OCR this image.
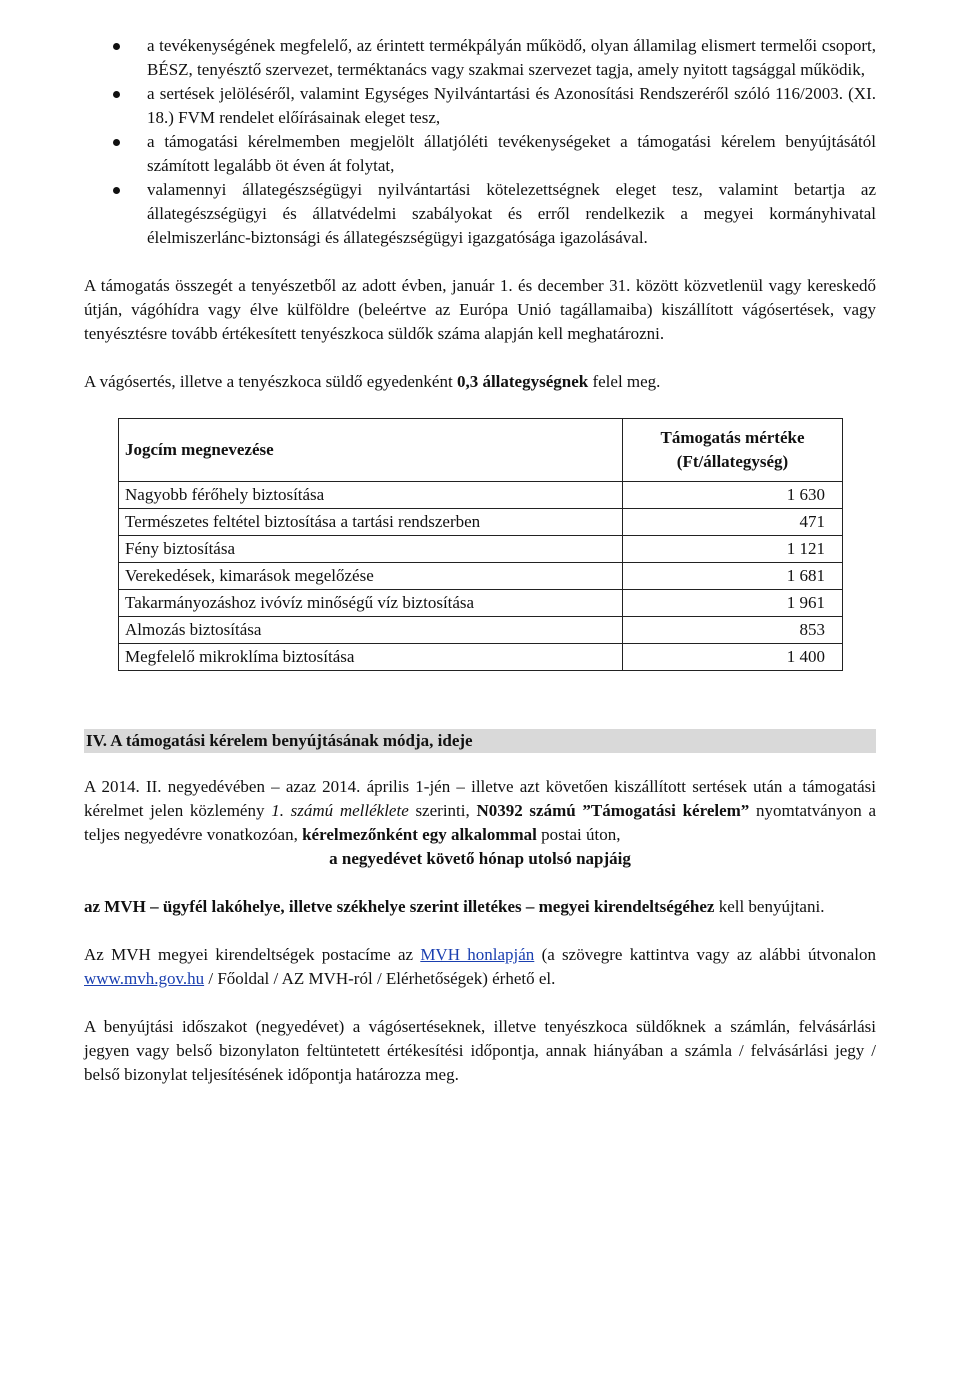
a tevékenységének megfelelő, az érintett termékpályán működő, olyan államilag elismert termelői csoport, BÉSZ, tenyésztő szervezet, terméktanács vagy szakmai szervezet tagja, amely nyitott tagsággal működik,
a sertések jelöléséről, valamint Egységes Nyilvántartási és Azonosítási Rendszeréről szóló 116/2003. (XI. 18.) FVM rendelet előírásainak eleget tesz,
a támogatási kérelmemben megjelölt állatjóléti tevékenységeket a támogatási kérelem benyújtásától számított legalább öt éven át folytat,
valamennyi állategészségügyi nyilvántartási kötelezettségnek eleget tesz, valamint betartja az állategészségügyi és állatvédelmi szabályokat és erről rendelkezik a megyei kormányhivatal élelmiszerlánc-biztonsági és állategészségügyi igazgatósága igazolásával.

A támogatás összegét a tenyészetből az adott évben, január 1. és december 31. között közvetlenül vagy kereskedő útján, vágóhídra vagy élve külföldre (beleértve az Európa Unió tagállamaiba) kiszállított vágósertések, vagy tenyésztésre tovább értékesített tenyészkoca süldők száma alapján kell meghatározni.

A vágósertés, illetve a tenyészkoca süldő egyedenként 0,3 állategységnek felel meg.

Jogcím megnevezése	Támogatás mértéke
(Ft/állategység)
Nagyobb férőhely biztosítása	1 630
Természetes feltétel biztosítása a tartási rendszerben	471
Fény biztosítása	1 121
Verekedések, kimarások megelőzése	1 681
Takarmányozáshoz ivóvíz minőségű víz biztosítása	1 961
Almozás biztosítása	853
Megfelelő mikroklíma biztosítása	1 400
IV. A támogatási kérelem benyújtásának módja, ideje

A 2014. II. negyedévében – azaz 2014. április 1-jén – illetve azt követően kiszállított sertések után a támogatási kérelmet jelen közlemény 1. számú melléklete szerinti, N0392 számú ”Támogatási kérelem” nyomtatványon a teljes negyedévre vonatkozóan, kérelmezőnként egy alkalommal postai úton,

a negyedévet követő hónap utolsó napjáig

az MVH – ügyfél lakóhelye, illetve székhelye szerint illetékes – megyei kirendeltségéhez kell benyújtani.

Az MVH megyei kirendeltségek postacíme az MVH honlapján (a szövegre kattintva vagy az alábbi útvonalon www.mvh.gov.hu / Főoldal / AZ MVH-ról / Elérhetőségek) érhető el.

A benyújtási időszakot (negyedévet) a vágósertéseknek, illetve tenyészkoca süldőknek a számlán, felvásárlási jegyen vagy belső bizonylaton feltüntetett értékesítési időpontja, annak hiányában a számla / felvásárlási jegy / belső bizonylat teljesítésének időpontja határozza meg.
